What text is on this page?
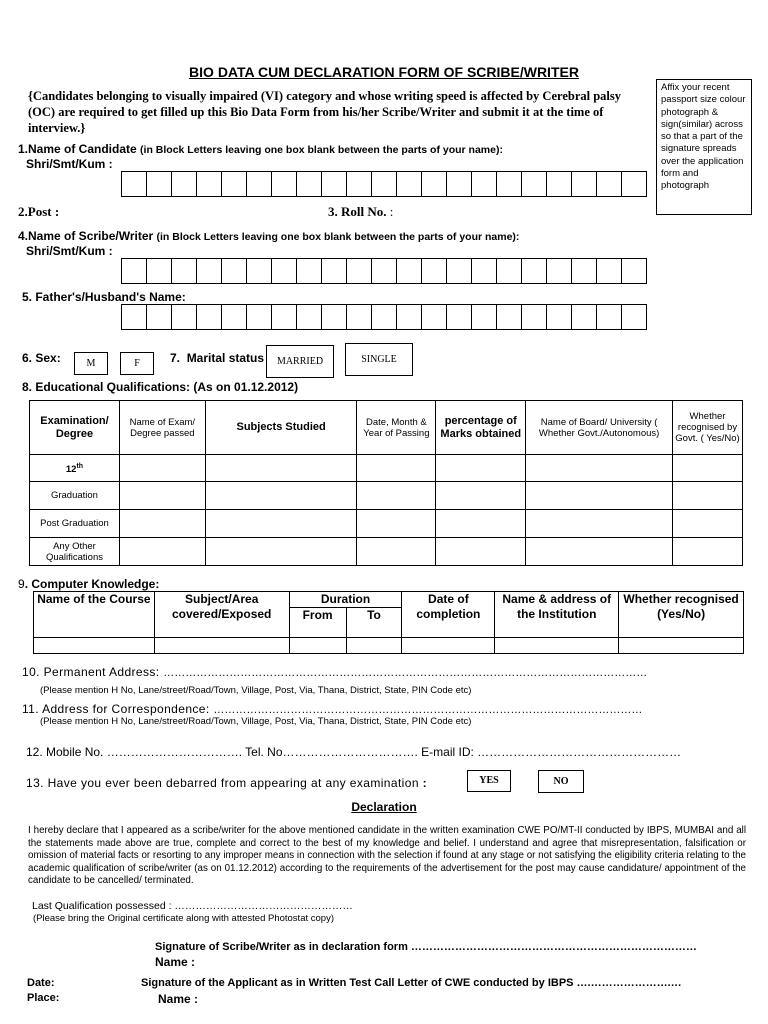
BIO DATA CUM DECLARATION FORM OF SCRIBE/WRITER
{Candidates belonging to visually impaired (VI) category and whose writing speed is affected by Cerebral palsy (OC) are required to get filled up this Bio Data Form from his/her Scribe/Writer and submit it at the time of interview.}
Affix your recent passport size colour photograph & sign(similar) across so that a part of the signature spreads over the application form and photograph
1.Name of Candidate (in Block Letters leaving one box blank between the parts of your name):
Shri/Smt/Kum :
2.Post :	3. Roll No. :
4.Name of Scribe/Writer (in Block Letters leaving one box blank between the parts of your name):
Shri/Smt/Kum :
5. Father's/Husband's Name:
6. Sex:	M	F	7. Marital status	MARRIED	SINGLE
8. Educational Qualifications: (As on 01.12.2012)
Examination/ Degree	Name of Exam/ Degree passed	Subjects Studied	Date, Month & Year of Passing	percentage of Marks obtained	Name of Board/ University ( Whether Govt./Autonomous)	Whether recognised by Govt. ( Yes/No)
12th						
Graduation						
Post Graduation						
Any Other Qualifications						
9. Computer Knowledge:
Name of the Course	Subject/Area covered/Exposed	Duration		Date of completion	Name & address of the Institution	Whether recognised (Yes/No)
		From	To			

10. Permanent Address: ……………………………………………………………………………………………………………………
(Please mention H No, Lane/street/Road/Town, Village, Post, Via, Thana, District, State, PIN Code etc)
11. Address for Correspondence: ………………………………………………………………………………………………………
(Please mention H No, Lane/street/Road/Town, Village, Post, Via, Thana, District, State, PIN Code etc)
12. Mobile No. ……………………………. Tel. No……………………………. E-mail ID: ……………………………………………
13. Have you ever been debarred from appearing at any examination :	YES	NO
Declaration
I hereby declare that I appeared as a scribe/writer for the above mentioned candidate in the written examination CWE PO/MT-II conducted by IBPS, MUMBAI and all the statements made above are true, complete and correct to the best of my knowledge and belief. I understand and agree that misrepresentation, falsification or omission of material facts or resorting to any improper means in connection with the selection if found at any stage or not satisfying the eligibility criteria relating to the academic qualification of scribe/writer (as on 01.12.2012) according to the requirements of the advertisement for the post may cause candidature/ appointment of the candidate to be cancelled/ terminated.
Last Qualification possessed : ……………………………………………
(Please bring the Original certificate along with attested Photostat copy)
Signature of Scribe/Writer as in declaration form ……………………………………………………………………
Name :
Date:	Signature of the Applicant as in Written Test Call Letter of CWE conducted by IBPS ….………………….…
Place:	Name :
